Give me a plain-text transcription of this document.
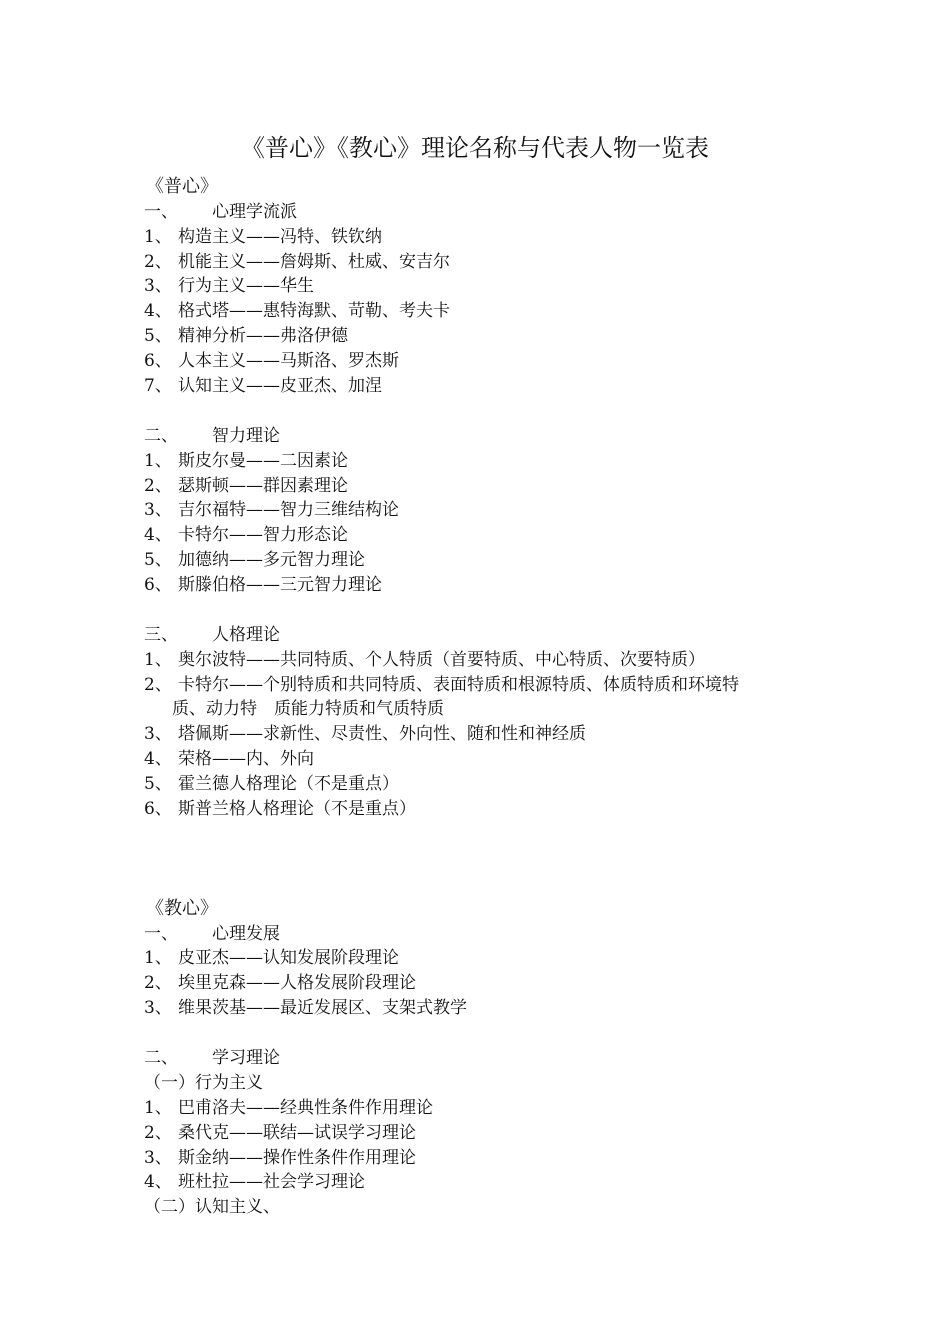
《普心》《教心》理论名称与代表人物一览表
《普心》
一、 心理学流派
1、 构造主义——冯特、铁钦纳
2、 机能主义——詹姆斯、杜威、安吉尔
3、 行为主义——华生
4、 格式塔——惠特海默、苛勒、考夫卡
5、 精神分析——弗洛伊德
6、 人本主义——马斯洛、罗杰斯
7、 认知主义——皮亚杰、加涅
二、 智力理论
1、 斯皮尔曼——二因素论
2、 瑟斯顿——群因素理论
3、 吉尔福特——智力三维结构论
4、 卡特尔——智力形态论
5、 加德纳——多元智力理论
6、 斯滕伯格——三元智力理论
三、 人格理论
1、 奥尔波特——共同特质、个人特质（首要特质、中心特质、次要特质）
2、 卡特尔——个别特质和共同特质、表面特质和根源特质、体质特质和环境特
质、动力特　质能力特质和气质特质
3、 塔佩斯——求新性、尽责性、外向性、随和性和神经质
4、 荣格——内、外向
5、 霍兰德人格理论（不是重点）
6、 斯普兰格人格理论（不是重点）
《教心》
一、 心理发展
1、 皮亚杰——认知发展阶段理论
2、 埃里克森——人格发展阶段理论
3、 维果茨基——最近发展区、支架式教学
二、 学习理论
（一）行为主义
1、 巴甫洛夫——经典性条件作用理论
2、 桑代克——联结—试误学习理论
3、 斯金纳——操作性条件作用理论
4、 班杜拉——社会学习理论
（二）认知主义、
